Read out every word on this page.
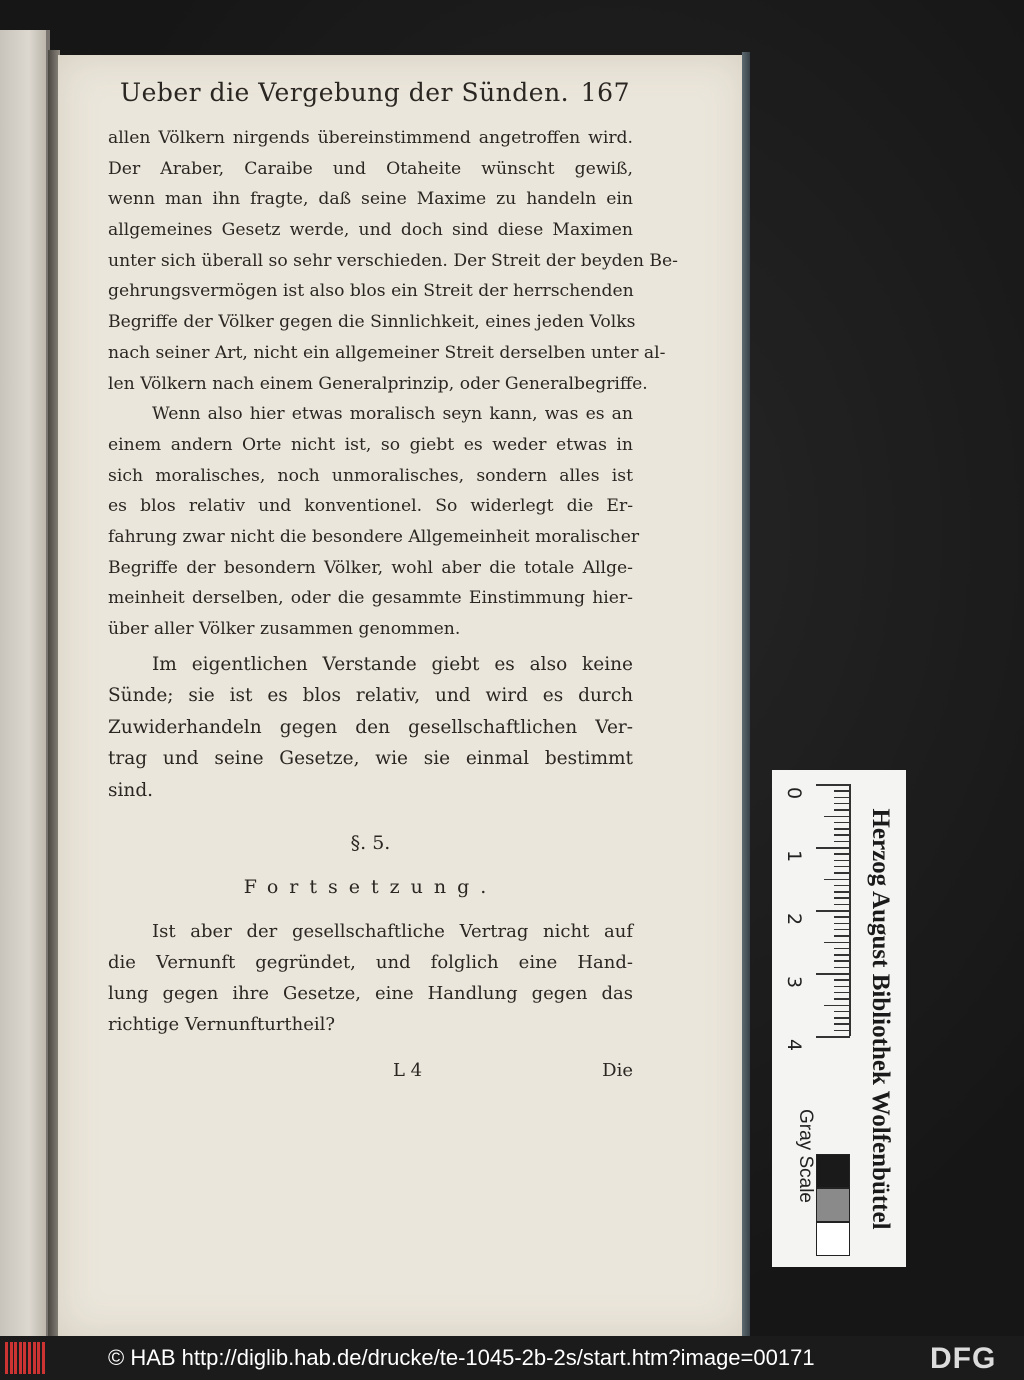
Ueber die Vergebung der Sünden. 167
allen Völkern nirgends übereinstimmend angetroffen wird.
Der Araber, Caraibe und Otaheite wünscht gewiß,
wenn man ihn fragte, daß seine Maxime zu handeln ein
allgemeines Gesetz werde, und doch sind diese Maximen
unter sich überall so sehr verschieden. Der Streit der beyden Be-
gehrungsvermögen ist also blos ein Streit der herrschenden
Begriffe der Völker gegen die Sinnlichkeit, eines jeden Volks
nach seiner Art, nicht ein allgemeiner Streit derselben unter al-
len Völkern nach einem Generalprinzip, oder Generalbegriffe.
Wenn also hier etwas moralisch seyn kann, was es an
einem andern Orte nicht ist, so giebt es weder etwas in
sich moralisches, noch unmoralisches, sondern alles ist
es blos relativ und konventionel. So widerlegt die Er-
fahrung zwar nicht die besondere Allgemeinheit moralischer
Begriffe der besondern Völker, wohl aber die totale Allge-
meinheit derselben, oder die gesammte Einstimmung hier-
über aller Völker zusammen genommen.
Im eigentlichen Verstande giebt es also keine
Sünde; sie ist es blos relativ, und wird es durch
Zuwiderhandeln gegen den gesellschaftlichen Ver-
trag und seine Gesetze, wie sie einmal bestimmt
sind.
§. 5.
Fortsetzung.
Ist aber der gesellschaftliche Vertrag nicht auf
die Vernunft gegründet, und folglich eine Hand-
lung gegen ihre Gesetze, eine Handlung gegen das
richtige Vernunfturtheil?
L 4	Die
0
1
2
3
4
Gray Scale Herzog August Bibliothek Wolfenbüttel
© HAB http://diglib.hab.de/drucke/te-1045-2b-2s/start.htm?image=00171	DFG
